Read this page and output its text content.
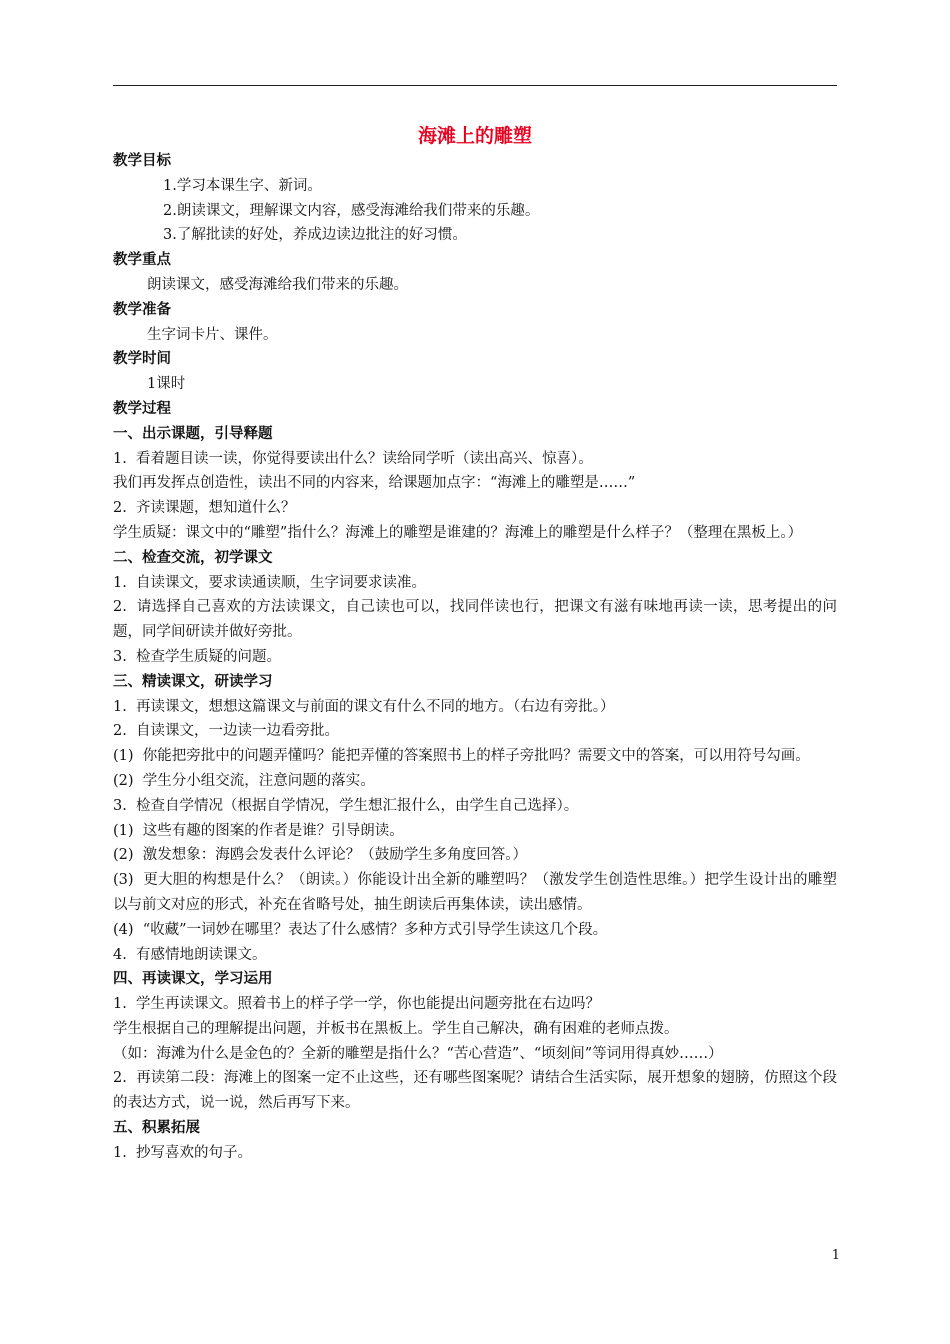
海滩上的雕塑

教学目标

1.学习本课生字、新词。

2.朗读课文，理解课文内容，感受海滩给我们带来的乐趣。

3.了解批读的好处，养成边读边批注的好习惯。

教学重点

朗读课文，感受海滩给我们带来的乐趣。

教学准备

生字词卡片、课件。

教学时间

1课时

教学过程

一、出示课题，引导释题

1.  看着题目读一读，你觉得要读出什么？读给同学听（读出高兴、惊喜）。

我们再发挥点创造性，读出不同的内容来，给课题加点字：“海滩上的雕塑是……”

2.  齐读课题，想知道什么？

学生质疑：课文中的“雕塑”指什么？海滩上的雕塑是谁建的？海滩上的雕塑是什么样子？（整理在黑板上。）

二、检查交流，初学课文

1.  自读课文，要求读通读顺，生字词要求读准。

2.  请选择自己喜欢的方法读课文，自己读也可以，找同伴读也行，把课文有滋有味地再读一读，思考提出的问题，同学间研读并做好旁批。

3.  检查学生质疑的问题。

三、精读课文，研读学习

1.  再读课文，想想这篇课文与前面的课文有什么不同的地方。（右边有旁批。）

2.  自读课文，一边读一边看旁批。

(1)  你能把旁批中的问题弄懂吗？能把弄懂的答案照书上的样子旁批吗？需要文中的答案，可以用符号勾画。

(2)  学生分小组交流，注意问题的落实。

3.  检查自学情况（根据自学情况，学生想汇报什么，由学生自己选择）。

(1)  这些有趣的图案的作者是谁？引导朗读。

(2)  激发想象：海鸥会发表什么评论？（鼓励学生多角度回答。）

(3)  更大胆的构想是什么？（朗读。）你能设计出全新的雕塑吗？（激发学生创造性思维。）把学生设计出的雕塑以与前文对应的形式，补充在省略号处，抽生朗读后再集体读，读出感情。

(4)  “收藏”一词妙在哪里？表达了什么感情？多种方式引导学生读这几个段。

4.  有感情地朗读课文。

四、再读课文，学习运用

1.  学生再读课文。照着书上的样子学一学，你也能提出问题旁批在右边吗？

学生根据自己的理解提出问题，并板书在黑板上。学生自己解决，确有困难的老师点拨。

（如：海滩为什么是金色的？全新的雕塑是指什么？“苦心营造”、“顷刻间”等词用得真妙……）

2.  再读第二段：海滩上的图案一定不止这些，还有哪些图案呢？请结合生活实际，展开想象的翅膀，仿照这个段的表达方式，说一说，然后再写下来。

五、积累拓展

1.  抄写喜欢的句子。

1
